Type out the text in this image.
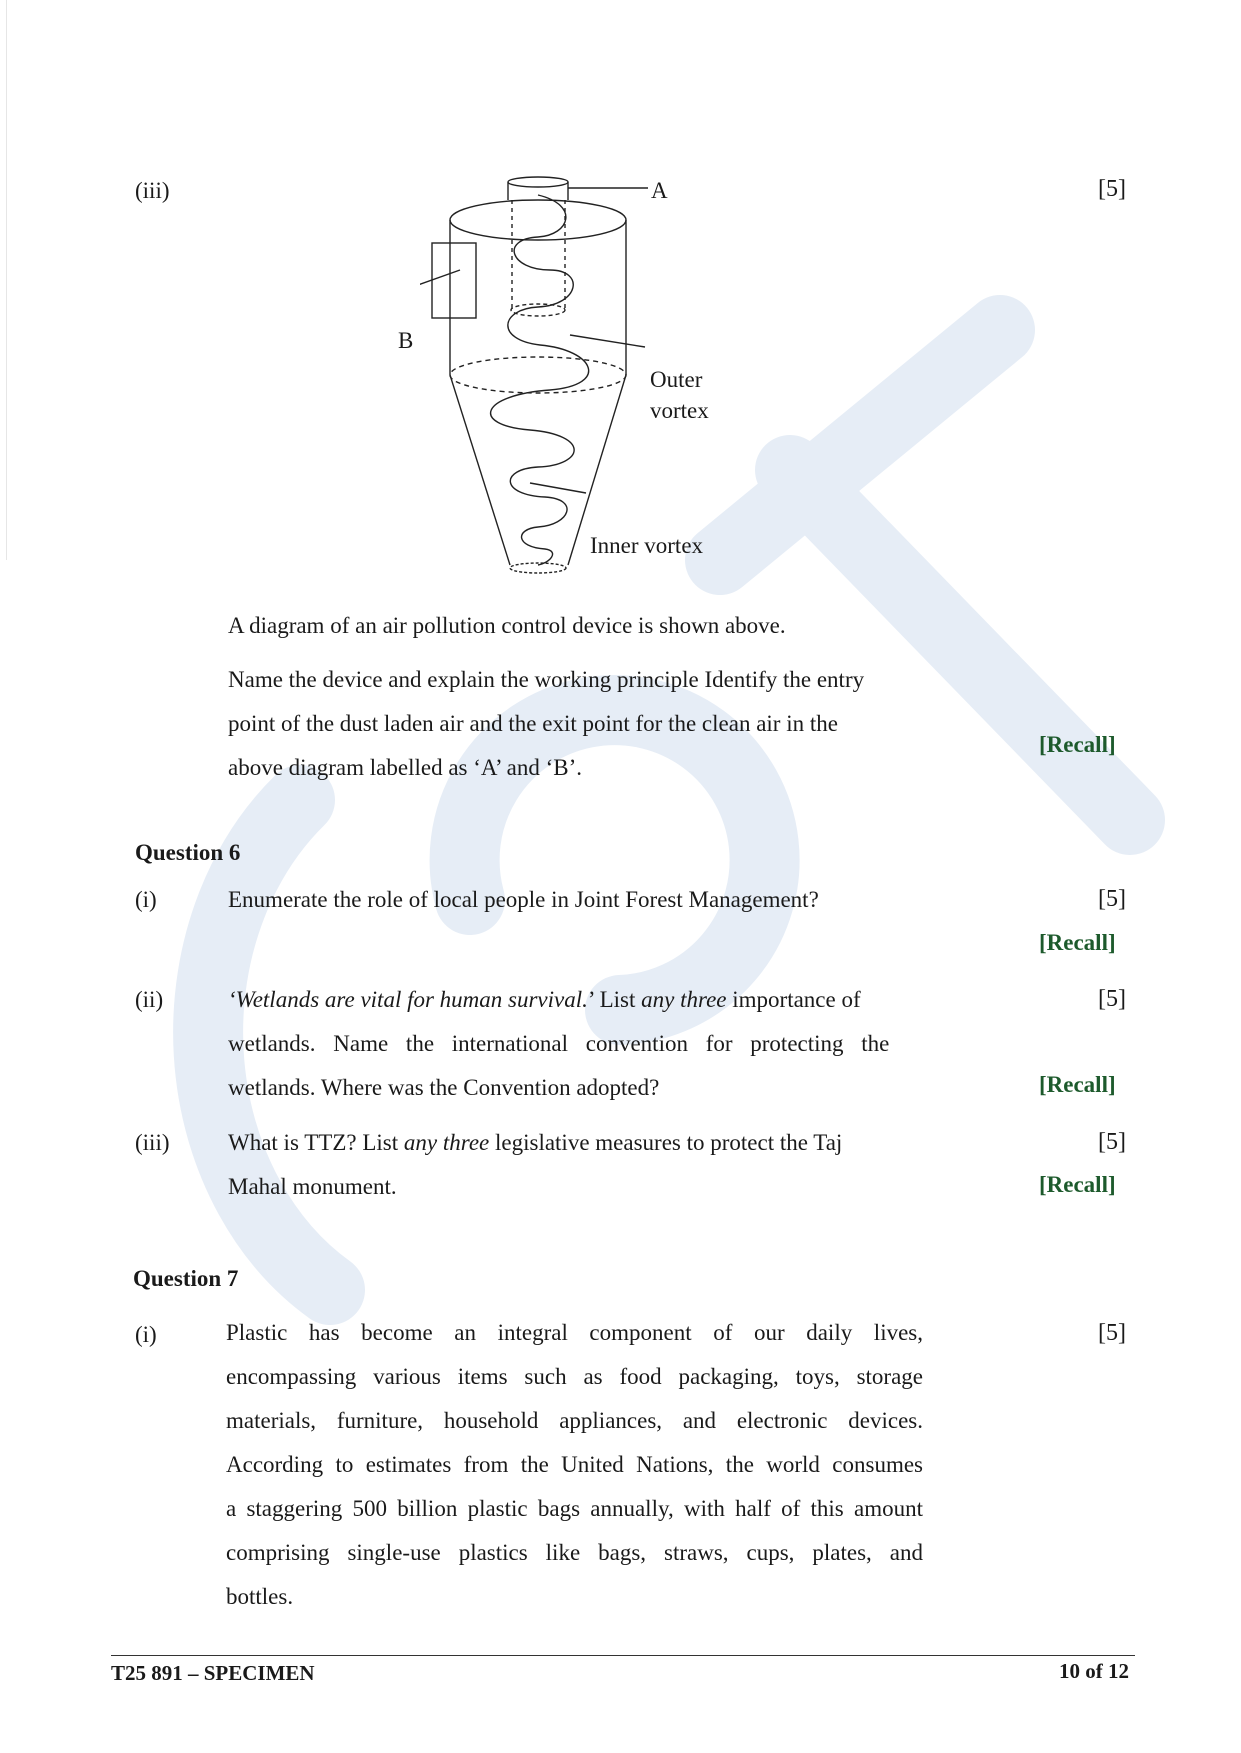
(iii)	[5]
A
B
Outer
vortex
Inner vortex
A diagram of an air pollution control device is shown above.
Name the device and explain the working principle Identify the entry
point of the dust laden air and the exit point for the clean air in the
above diagram labelled as ‘A’ and ‘B’.
[Recall]
Question 6
(i)	Enumerate the role of local people in Joint Forest Management?	[5]
[Recall]
(ii)	‘Wetlands are vital for human survival.’ List any three importance of
wetlands. Name the international convention for protecting the
wetlands. Where was the Convention adopted?
[5]
[Recall]
(iii)	What is TTZ? List any three legislative measures to protect the Taj
Mahal monument.
[5]
[Recall]
Question 7
(i)	[5]
Plastic has become an integral component of our daily lives,
encompassing various items such as food packaging, toys, storage
materials, furniture, household appliances, and electronic devices.
According to estimates from the United Nations, the world consumes
a staggering 500 billion plastic bags annually, with half of this amount
comprising single-use plastics like bags, straws, cups, plates, and
bottles.
T25 891 – SPECIMEN	10 of 12
